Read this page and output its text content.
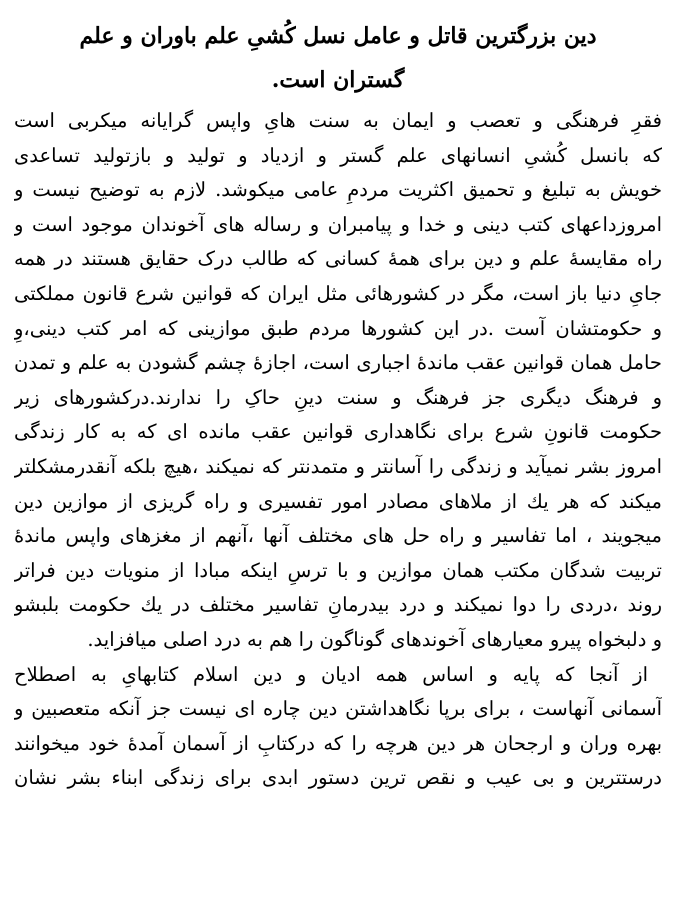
دین بزرگترین قاتل و عامل نسل کُشیِ علم باوران و علم
گستران است.
فقرِ فرهنگی و تعصب و ایمان به سنت هایِ واپس گرایانه میکربی است
که بانسل کُشیِ انسانهای علم گستر و ازدیاد و تولید و بازتولید تساعدی
خویش به تبلیغ و تحمیق اکثریت مردمِ عامی میکوشد. لازم به توضیح نیست و
امروزداعهای کتب دینی و خدا و پیامبران و رساله های آخوندان موجود است و
راه مقایسهٔ علم و دین برای همهٔ کسانی که طالب درک حقایق هستند در همه
جایِ دنیا باز است، مگر در کشورهائی مثل ایران که قوانین شرع قانون مملکتی
و حکومتشان آست .در این کشورها مردم طبق موازینی که امر کتب دینی،وِ
حامل همان قوانین عقب ماندهٔ اجباری است، اجازهٔ چشم گشودن به علم و تمدن
و فرهنگ دیگری جز فرهنگ و سنت دینِ حاکِ را ندارند.درکشورهای زیر
حکومت قانونِ شرع برای نگاهداری قوانین عقب مانده ای که به کار زندگی
امروز بشر نمیآید و زندگی را آسانتر و متمدنتر که نمیکند ،هیچ بلکه آنقدرمشکلتر
میکند که هر یك از ملاهای مصادر امور تفسیری و راه گریزی از موازین دین
میجویند ، اما تفاسیر و راه حل های مختلف آنها ،آنهم از مغزهای واپس ماندهٔ
تربیت شدگان مکتب همان موازین و با ترسِ اینکه مبادا از منویات دین فراتر
روند ،دردی را دوا نمیکند و درد بیدرمانِ تفاسیر مختلف در یك حکومت بلبشو
و دلبخواه پیرو معیارهای آخوندهای گوناگون را هم به درد اصلی میافزاید.
از آنجا که پایه و اساس همه ادیان و دین اسلام کتابهایِ به اصطلاح
آسمانی آنهاست ، برای برپا نگاهداشتن دین چاره ای نیست جز آنکه متعصبین و
بهره وران و ارجحان هر دین هرچه را که درکتابِ از آسمان آمدهٔ خود میخوانند
درستترین و بی عیب و نقص ترین دستور ابدی برای زندگی ابناء بشر نشان
